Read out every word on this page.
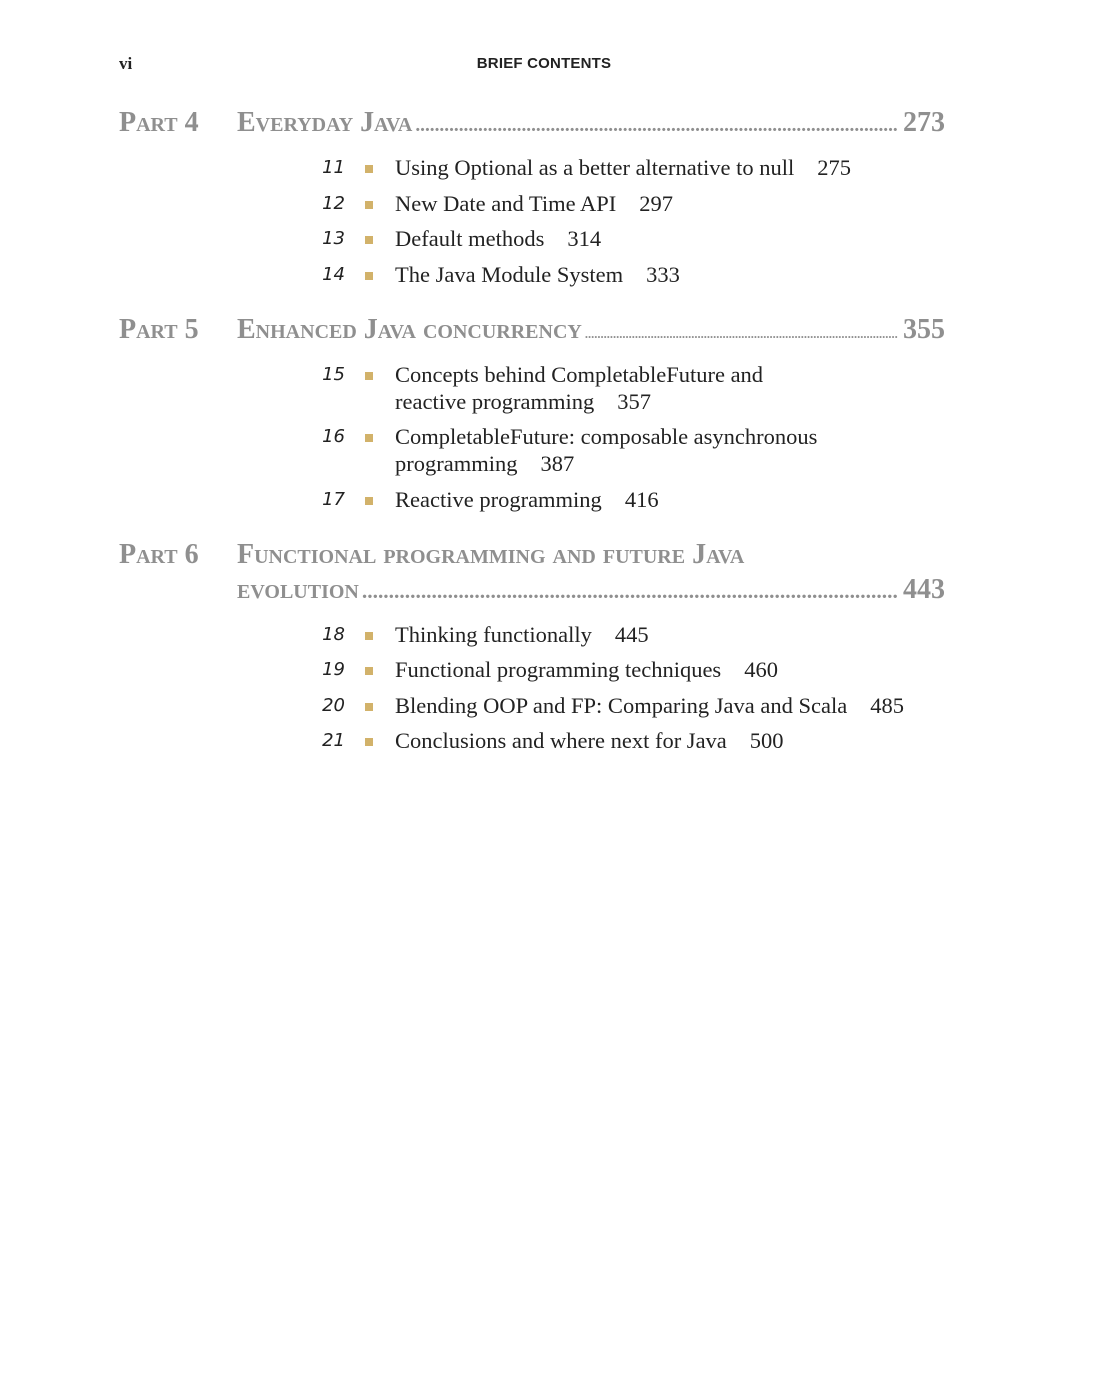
vi	BRIEF CONTENTS
Part 4	Everyday Java .................................................................................................... 273
11 Using Optional as a better alternative to null 275
12 New Date and Time API 297
13 Default methods 314
14 The Java Module System 333
Part 5	Enhanced Java concurrency .................................................................................................... 355
15 Concepts behind CompletableFuture and
reactive programming 357
16 CompletableFuture: composable asynchronous
programming 387
17 Reactive programming 416
Part 6	Functional programming and future Java
evolution .................................................................................................... 443
18 Thinking functionally 445
19 Functional programming techniques 460
20 Blending OOP and FP: Comparing Java and Scala 485
21 Conclusions and where next for Java 500
